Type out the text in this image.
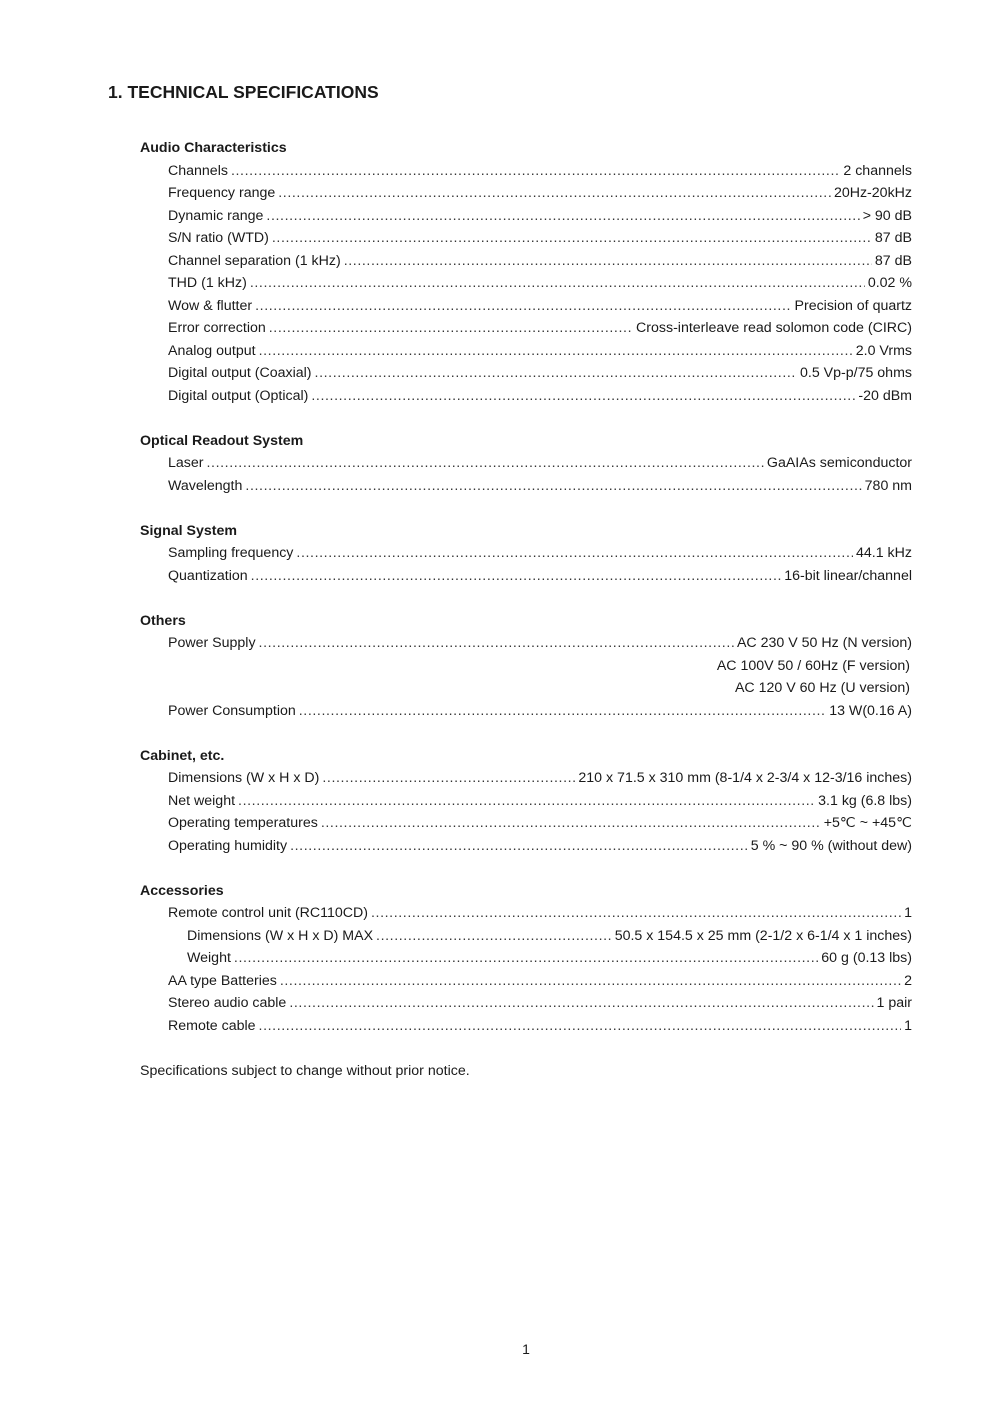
1. TECHNICAL SPECIFICATIONS
Audio Characteristics
Channels .....	2 channels
Frequency range .....	20Hz-20kHz
Dynamic range .....	> 90 dB
S/N ratio (WTD) .....	87 dB
Channel separation (1 kHz) .....	87 dB
THD (1 kHz) .....	0.02 %
Wow & flutter .....	Precision of quartz
Error correction .....	Cross-interleave read solomon code (CIRC)
Analog output .....	2.0 Vrms
Digital output (Coaxial) .....	0.5 Vp-p/75 ohms
Digital output (Optical) .....	-20 dBm
Optical Readout System
Laser .....	GaAIAs semiconductor
Wavelength .....	780 nm
Signal System
Sampling frequency .....	44.1 kHz
Quantization .....	16-bit linear/channel
Others
Power Supply .....	AC 230 V 50 Hz (N version)
AC 100V 50 / 60Hz (F version)
AC 120 V 60 Hz (U version)
Power Consumption .....	13 W(0.16 A)
Cabinet, etc.
Dimensions (W x H x D) .....	210 x 71.5 x 310 mm (8-1/4 x 2-3/4 x 12-3/16 inches)
Net weight .....	3.1 kg (6.8 lbs)
Operating temperatures .....	+5℃ ~ +45℃
Operating humidity .....	5 % ~ 90 % (without dew)
Accessories
Remote control unit (RC110CD) .....	1
Dimensions (W x H x D) MAX .....	50.5 x 154.5 x 25 mm (2-1/2 x 6-1/4 x 1 inches)
Weight .....	60 g (0.13 lbs)
AA type Batteries .....	2
Stereo audio cable .....	1 pair
Remote cable .....	1
Specifications subject to change without prior notice.
1
